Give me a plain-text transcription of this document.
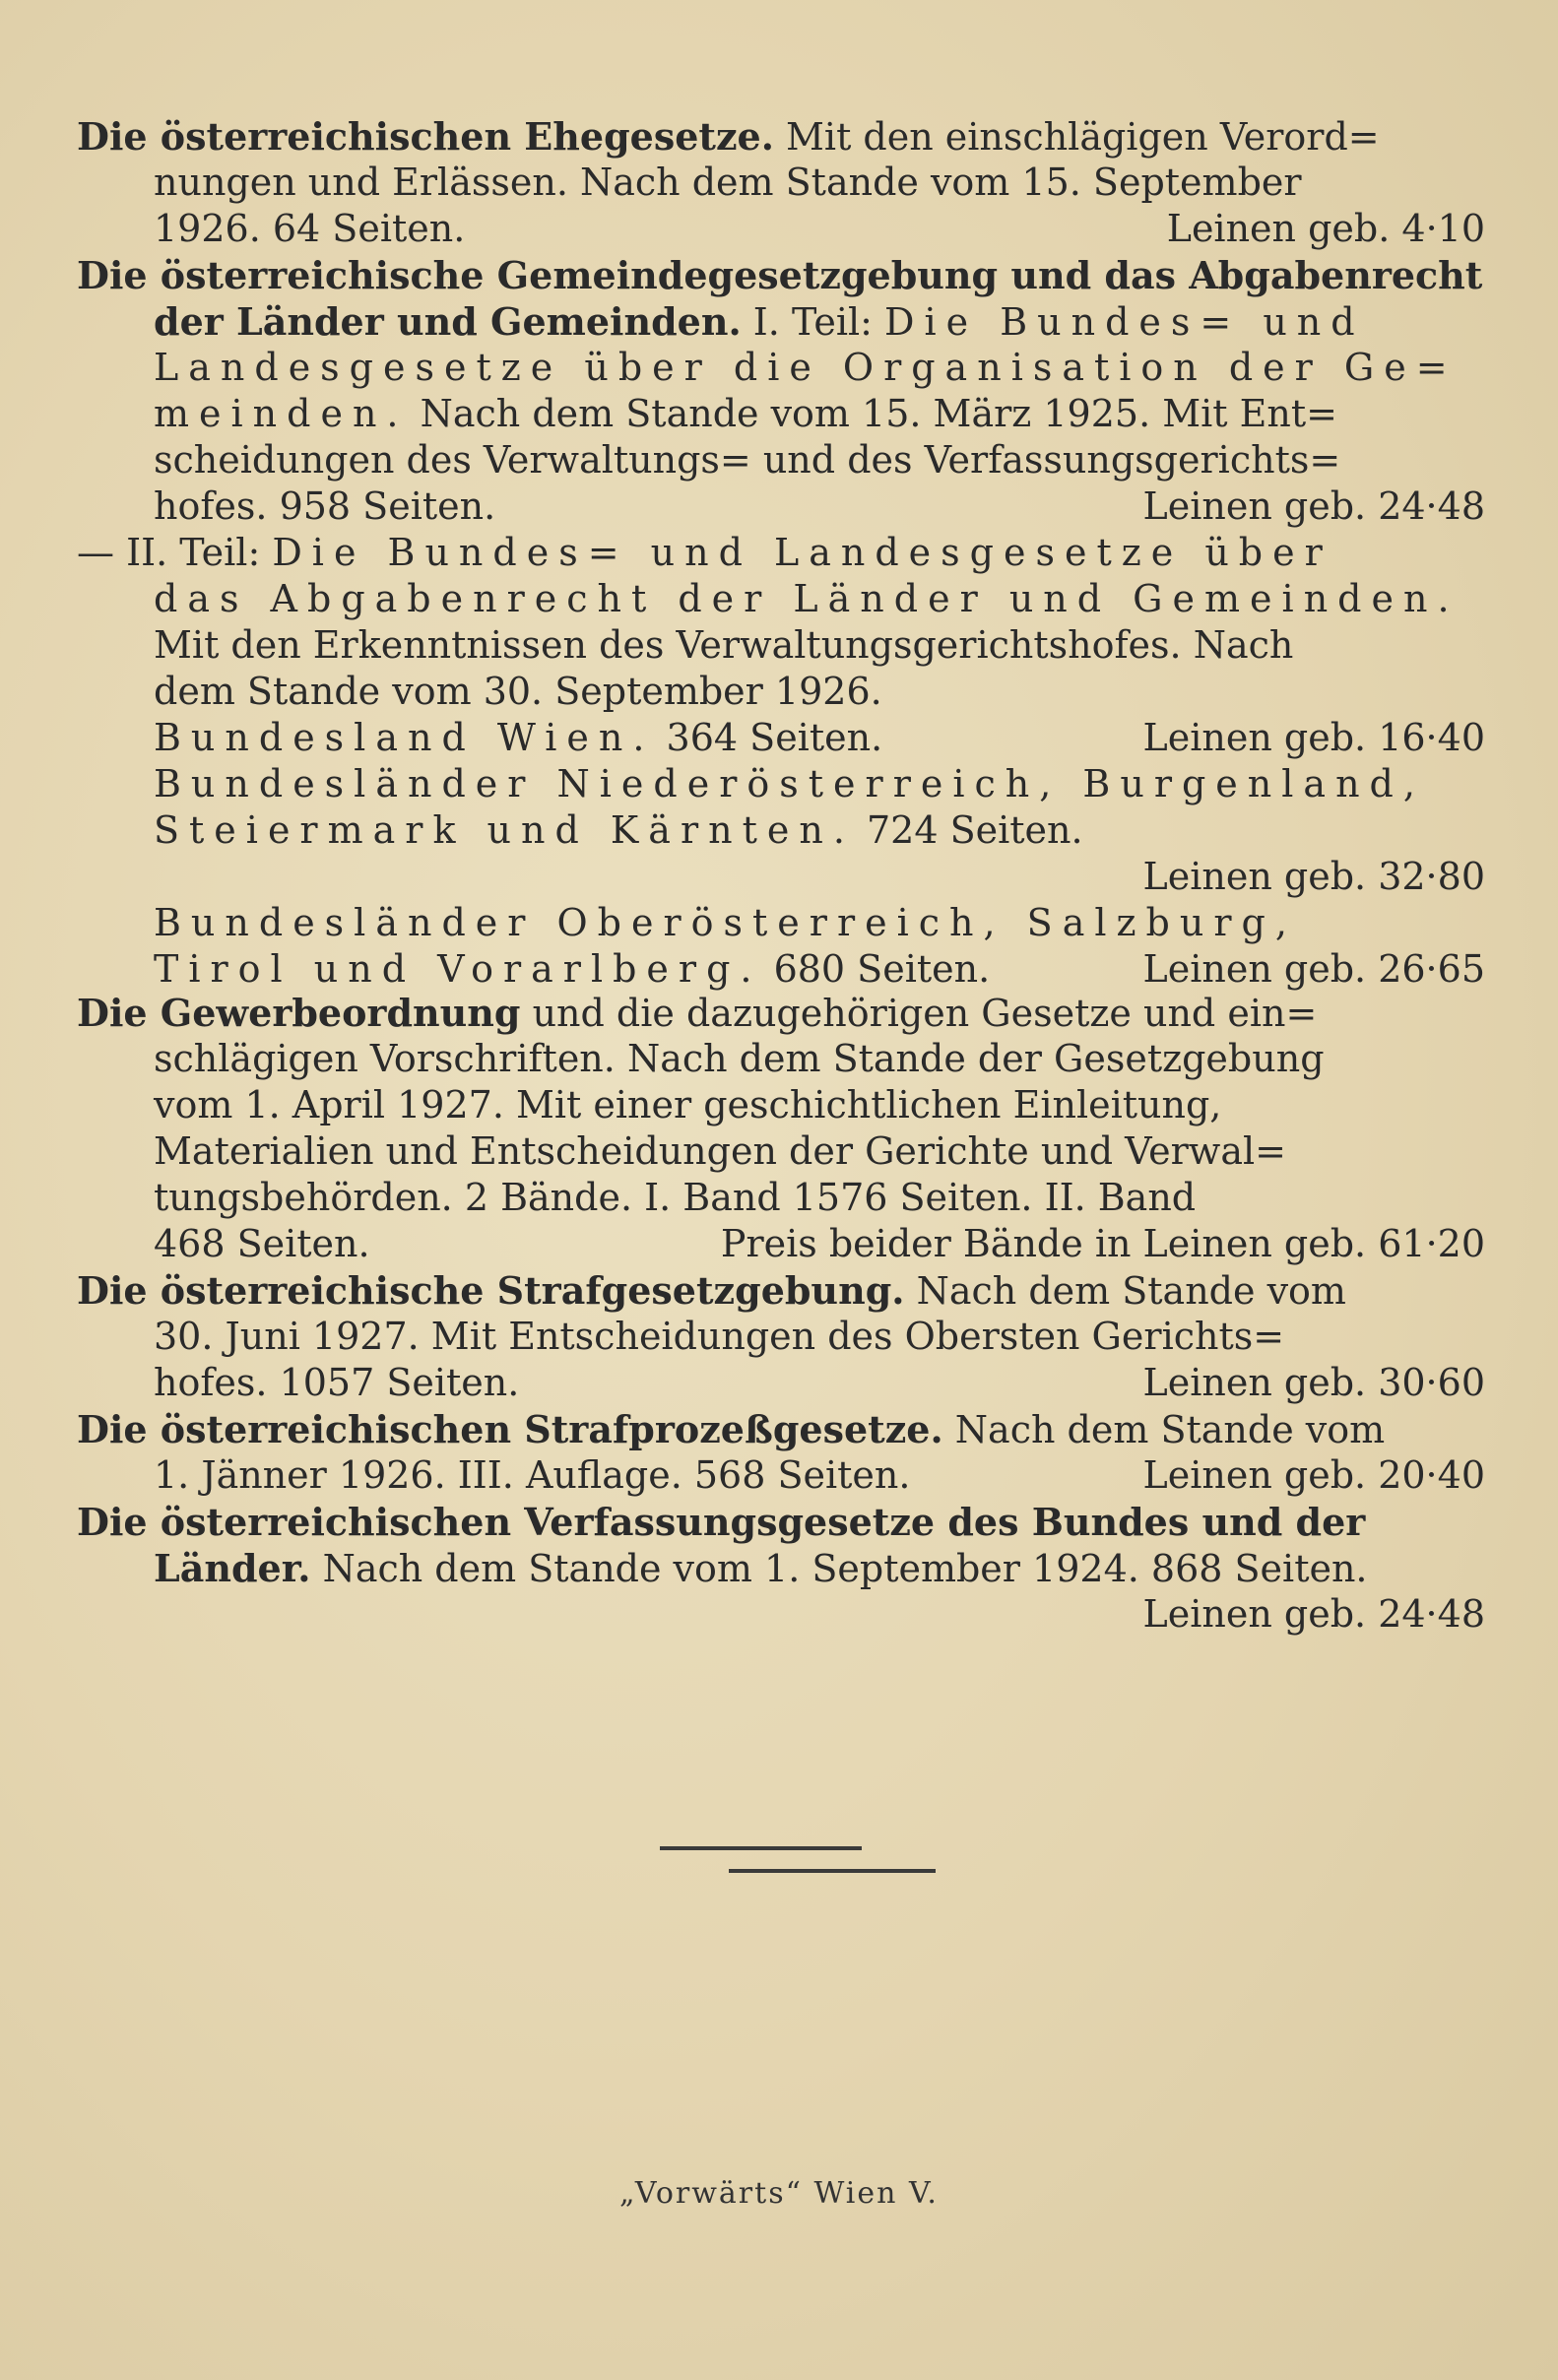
Die österreichischen Ehegesetze. Mit den einschlägigen Verord=
nungen und Erlässen. Nach dem Stande vom 15. September
1926. 64 Seiten.	Leinen geb. 4·10
Die österreichische Gemeindegesetzgebung und das Abgabenrecht
der Länder und Gemeinden. I. Teil: Die Bundes= und
Landesgesetze über die Organisation der Ge=
meinden. Nach dem Stande vom 15. März 1925. Mit Ent=
scheidungen des Verwaltungs= und des Verfassungsgerichts=
hofes. 958 Seiten.	Leinen geb. 24·48
— II. Teil: Die Bundes= und Landesgesetze über
das Abgabenrecht der Länder und Gemeinden.
Mit den Erkenntnissen des Verwaltungsgerichtshofes. Nach
dem Stande vom 30. September 1926.
Bundesland Wien. 364 Seiten.	Leinen geb. 16·40
Bundesländer Niederösterreich, Burgenland,
Steiermark und Kärnten. 724 Seiten.
Leinen geb. 32·80
Bundesländer Oberösterreich, Salzburg,
Tirol und Vorarlberg. 680 Seiten.	Leinen geb. 26·65
Die Gewerbeordnung und die dazugehörigen Gesetze und ein=
schlägigen Vorschriften. Nach dem Stande der Gesetzgebung
vom 1. April 1927. Mit einer geschichtlichen Einleitung,
Materialien und Entscheidungen der Gerichte und Verwal=
tungsbehörden. 2 Bände. I. Band 1576 Seiten. II. Band
468 Seiten.	Preis beider Bände in Leinen geb. 61·20
Die österreichische Strafgesetzgebung. Nach dem Stande vom
30. Juni 1927. Mit Entscheidungen des Obersten Gerichts=
hofes. 1057 Seiten.	Leinen geb. 30·60
Die österreichischen Strafprozeßgesetze. Nach dem Stande vom
1. Jänner 1926. III. Auflage. 568 Seiten.	Leinen geb. 20·40
Die österreichischen Verfassungsgesetze des Bundes und der
Länder. Nach dem Stande vom 1. September 1924. 868 Seiten.
Leinen geb. 24·48
„Vorwärts“ Wien V.
